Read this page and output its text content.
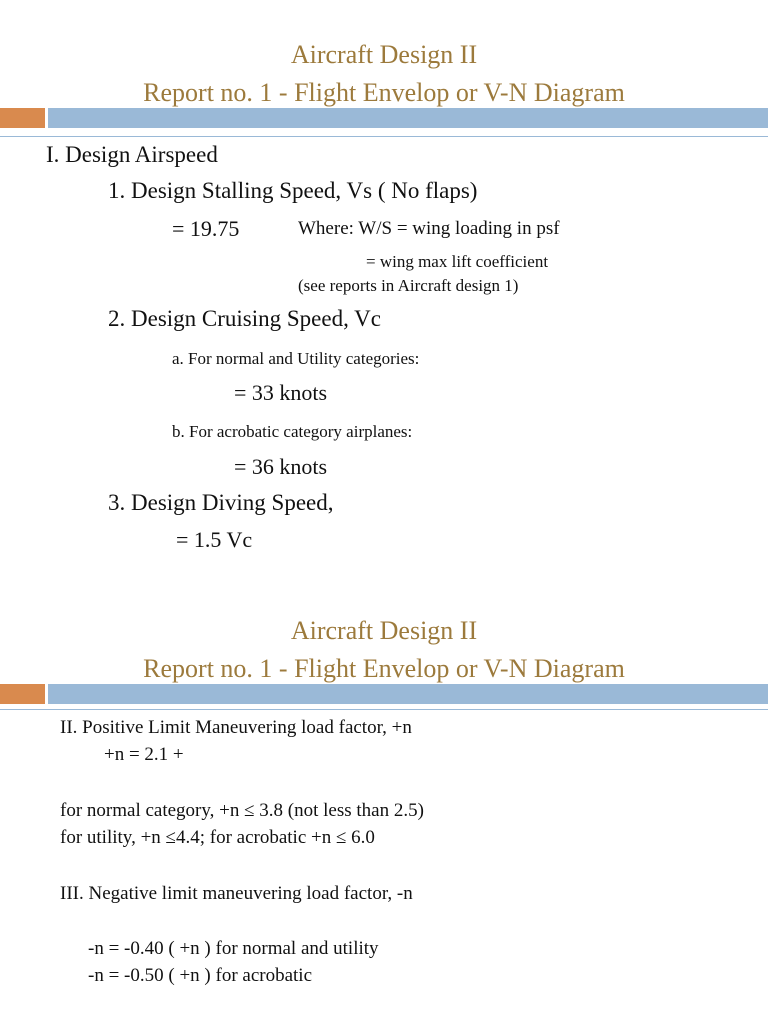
Aircraft Design II
Report no. 1 - Flight Envelop or V-N Diagram
I. Design Airspeed
1. Design Stalling Speed, Vs ( No flaps)
= 19.75	Where: W/S = wing loading in psf
= wing max lift coefficient
(see reports in Aircraft design 1)
2. Design Cruising Speed, Vc
a. For normal and Utility categories:
= 33 knots
b. For acrobatic category airplanes:
= 36 knots
3. Design Diving Speed,
= 1.5 Vc
Aircraft Design II
Report no. 1 - Flight Envelop or V-N Diagram
II. Positive Limit Maneuvering load factor, +n
+n = 2.1 +
for normal category, +n ≤ 3.8 (not less than 2.5)
for utility, +n ≤4.4; for acrobatic +n ≤ 6.0
III. Negative limit maneuvering load factor, -n
-n = -0.40 ( +n ) for normal and utility
-n = -0.50 ( +n ) for acrobatic
